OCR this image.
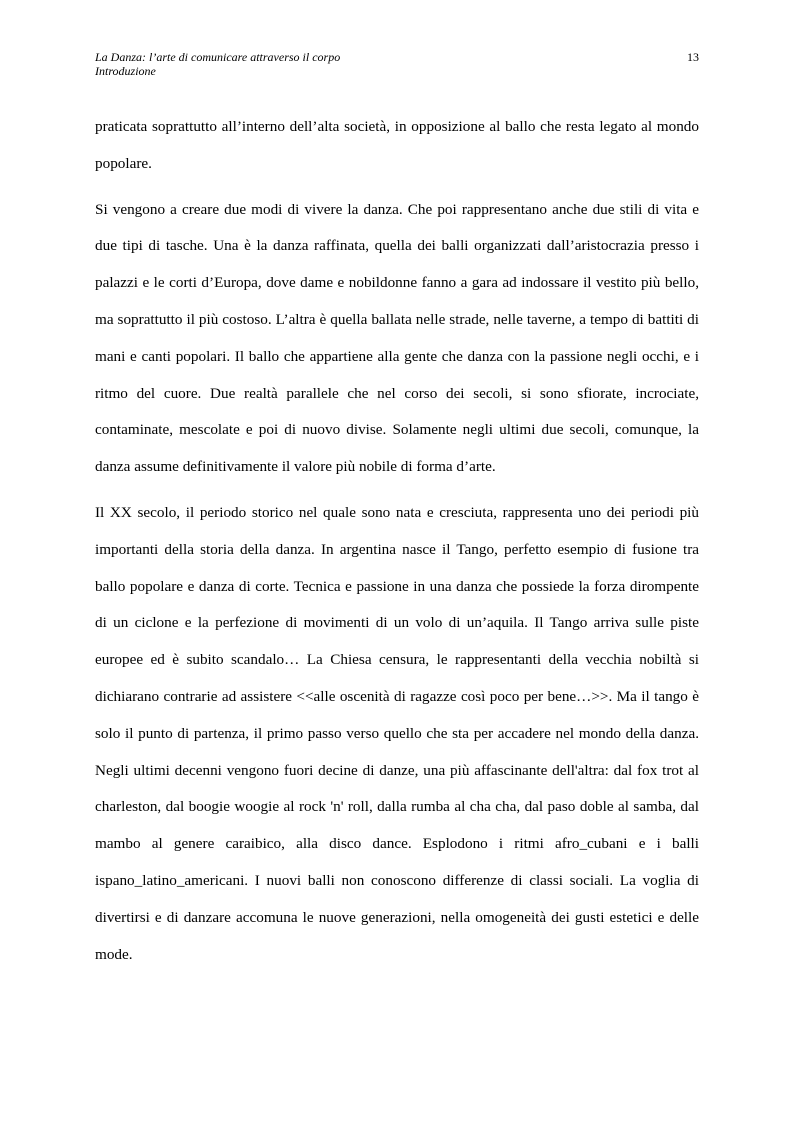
La Danza: l’arte di comunicare attraverso il corpo
Introduzione
13

praticata soprattutto all’interno dell’alta società, in opposizione al ballo che resta legato al mondo popolare.

Si vengono a creare due modi di vivere la danza. Che poi rappresentano anche due stili di vita e due tipi di tasche. Una è la danza raffinata, quella dei balli organizzati dall’aristocrazia presso i palazzi e le corti d’Europa, dove dame e nobildonne fanno a gara ad indossare il vestito più bello, ma soprattutto il più costoso. L’altra è quella ballata nelle strade, nelle taverne, a tempo di battiti di mani e canti popolari. Il ballo che appartiene alla gente che danza con la passione negli occhi, e i ritmo del cuore. Due realtà parallele che nel corso dei secoli, si sono sfiorate, incrociate, contaminate, mescolate e poi di nuovo divise. Solamente negli ultimi due secoli, comunque, la danza assume definitivamente il valore più nobile di forma d’arte.

Il XX secolo, il periodo storico nel quale sono nata e cresciuta, rappresenta uno dei periodi più importanti della storia della danza. In argentina nasce il Tango, perfetto esempio di fusione tra ballo popolare e danza di corte. Tecnica e passione in una danza che possiede la forza dirompente di un ciclone e la perfezione di movimenti di un volo di un’aquila. Il Tango arriva sulle piste europee ed è subito scandalo… La Chiesa censura, le rappresentanti della vecchia nobiltà si dichiarano contrarie ad assistere <<alle oscenità di ragazze così poco per bene…>>. Ma il tango è solo il punto di partenza, il primo passo verso quello che sta per accadere nel mondo della danza. Negli ultimi decenni vengono fuori decine di danze, una più affascinante dell'altra: dal fox trot al charleston, dal boogie woogie al rock 'n' roll, dalla rumba al cha cha, dal paso doble al samba, dal mambo al genere caraibico, alla disco dance. Esplodono i ritmi afro_cubani e i balli ispano_latino_americani. I nuovi balli non conoscono differenze di classi sociali. La voglia di divertirsi e di danzare accomuna le nuove generazioni, nella omogeneità dei gusti estetici e delle mode.
